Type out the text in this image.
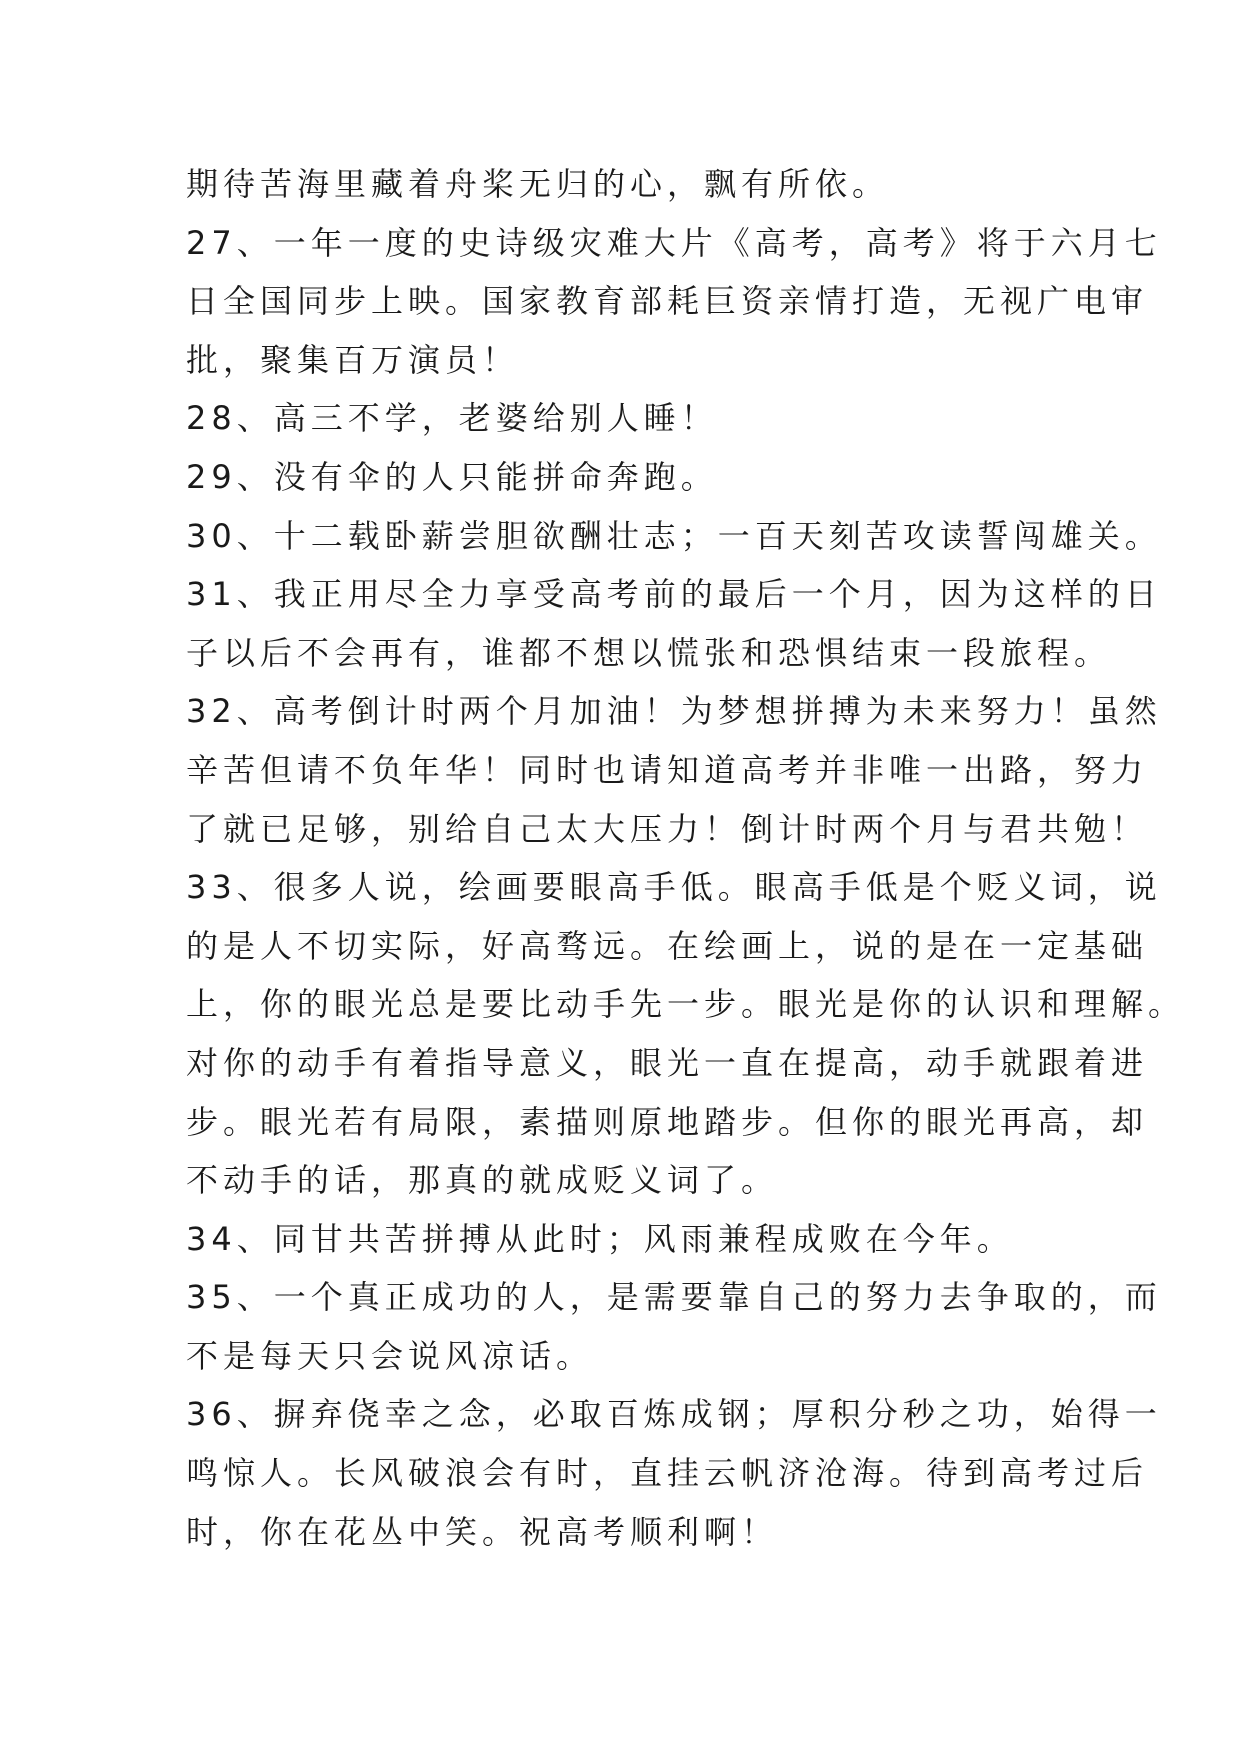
期待苦海里藏着舟桨无归的心，飘有所依。
27、一年一度的史诗级灾难大片《高考，高考》将于六月七
日全国同步上映。国家教育部耗巨资亲情打造，无视广电审
批，聚集百万演员！
28、高三不学，老婆给别人睡！
29、没有伞的人只能拼命奔跑。
30、十二载卧薪尝胆欲酬壮志；一百天刻苦攻读誓闯雄关。
31、我正用尽全力享受高考前的最后一个月，因为这样的日
子以后不会再有，谁都不想以慌张和恐惧结束一段旅程。
32、高考倒计时两个月加油！为梦想拼搏为未来努力！虽然
辛苦但请不负年华！同时也请知道高考并非唯一出路，努力
了就已足够，别给自己太大压力！倒计时两个月与君共勉！
33、很多人说，绘画要眼高手低。眼高手低是个贬义词，说
的是人不切实际，好高骛远。在绘画上，说的是在一定基础
上，你的眼光总是要比动手先一步。眼光是你的认识和理解。
对你的动手有着指导意义，眼光一直在提高，动手就跟着进
步。眼光若有局限，素描则原地踏步。但你的眼光再高，却
不动手的话，那真的就成贬义词了。
34、同甘共苦拼搏从此时；风雨兼程成败在今年。
35、一个真正成功的人，是需要靠自己的努力去争取的，而
不是每天只会说风凉话。
36、摒弃侥幸之念，必取百炼成钢；厚积分秒之功，始得一
鸣惊人。长风破浪会有时，直挂云帆济沧海。待到高考过后
时，你在花丛中笑。祝高考顺利啊！
